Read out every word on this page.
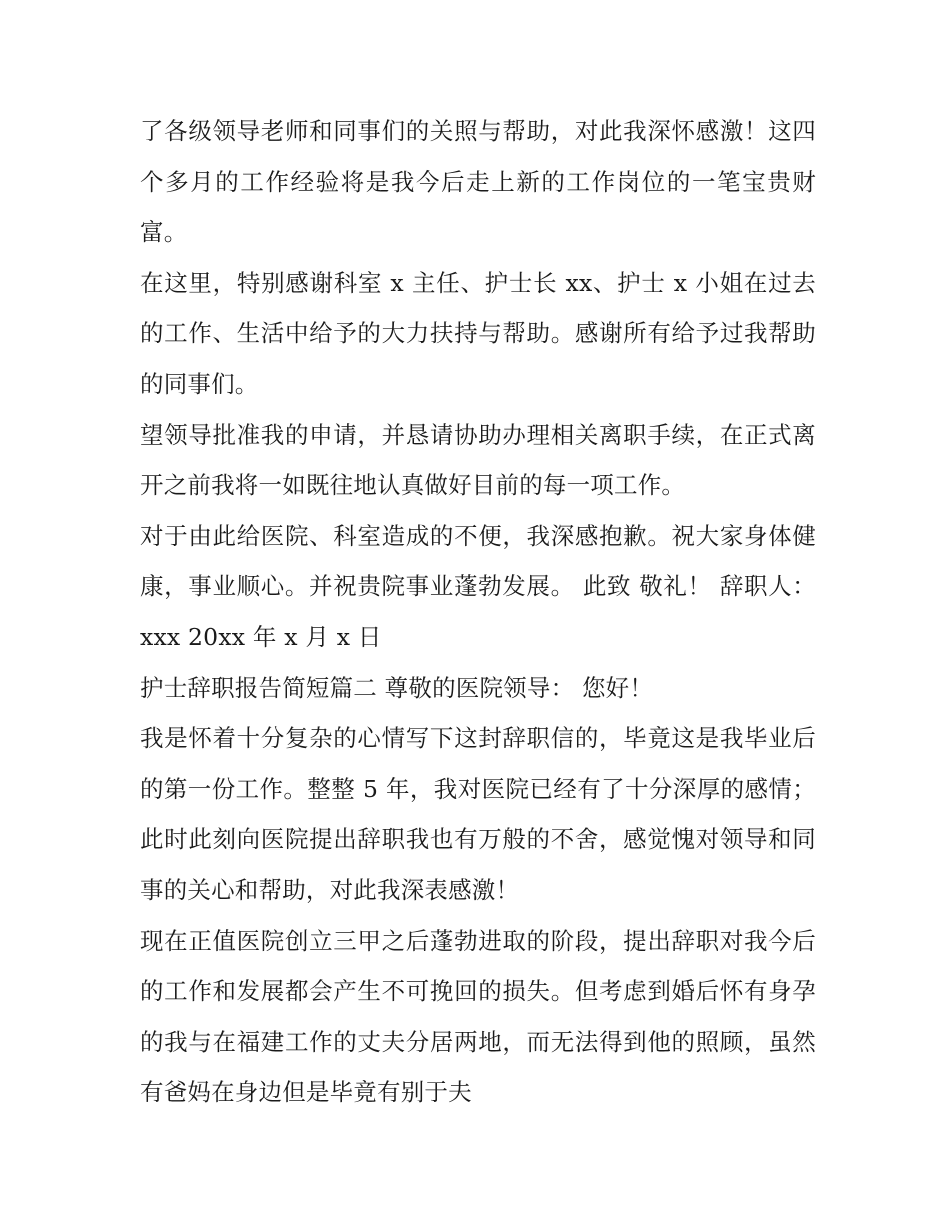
了各级领导老师和同事们的关照与帮助，对此我深怀感激！这四个多月的工作经验将是我今后走上新的工作岗位的一笔宝贵财富。

在这里，特别感谢科室 x 主任、护士长 xx、护士 x 小姐在过去的工作、生活中给予的大力扶持与帮助。感谢所有给予过我帮助的同事们。

望领导批准我的申请，并恳请协助办理相关离职手续，在正式离开之前我将一如既往地认真做好目前的每一项工作。

对于由此给医院、科室造成的不便，我深感抱歉。祝大家身体健康，事业顺心。并祝贵院事业蓬勃发展。 此致 敬礼！ 辞职人：xxx 20xx 年 x 月 x 日

护士辞职报告简短篇二 尊敬的医院领导： 您好！

我是怀着十分复杂的心情写下这封辞职信的，毕竟这是我毕业后的第一份工作。整整 5 年，我对医院已经有了十分深厚的感情；此时此刻向医院提出辞职我也有万般的不舍，感觉愧对领导和同事的关心和帮助，对此我深表感激！

现在正值医院创立三甲之后蓬勃进取的阶段，提出辞职对我今后的工作和发展都会产生不可挽回的损失。但考虑到婚后怀有身孕的我与在福建工作的丈夫分居两地，而无法得到他的照顾，虽然有爸妈在身边但是毕竟有别于夫
